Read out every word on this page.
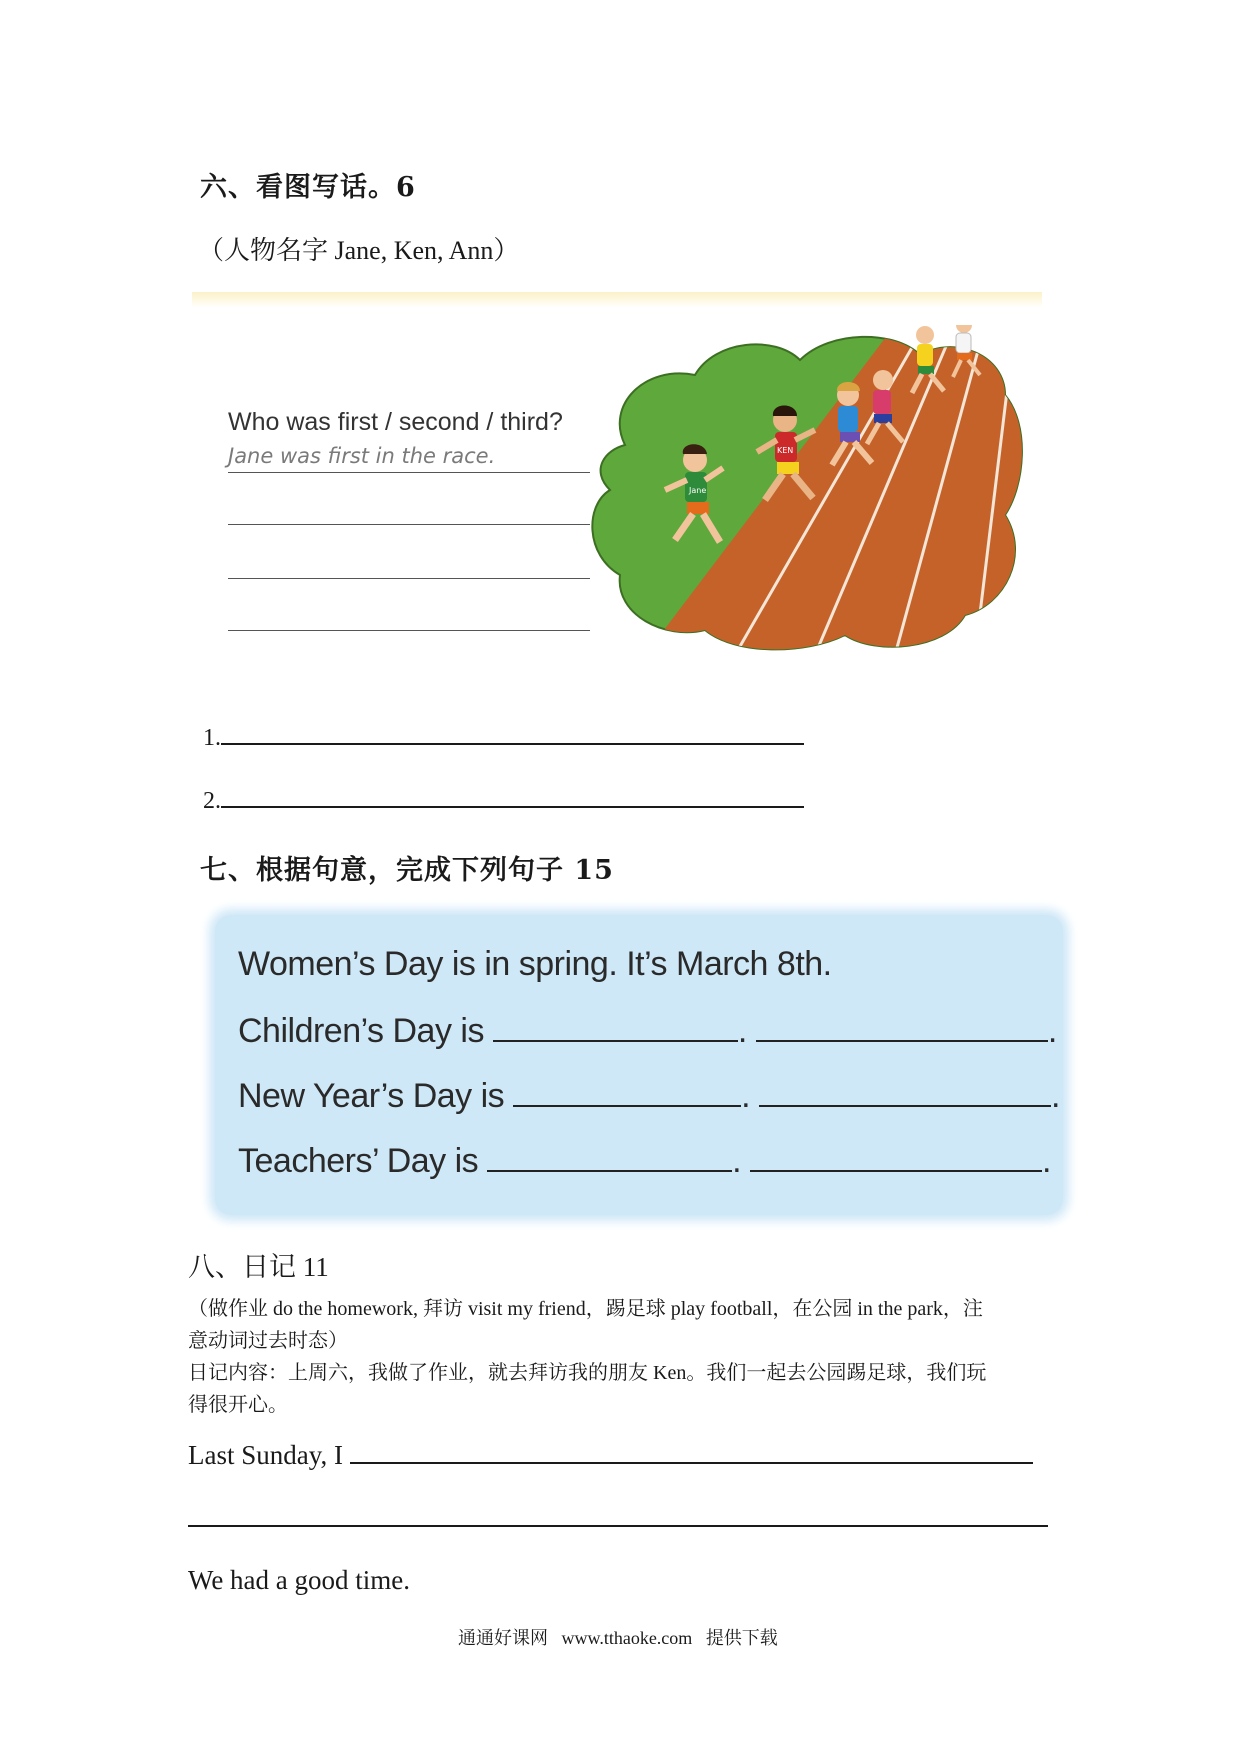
六、看图写话。6
（人物名字 Jane, Ken, Ann）
Who was first / second / third?
Jane was first in the race.
Jane
KEN
1.
2.
七、根据句意，完成下列句子 15
Women’s Day is in spring. It’s March 8th.
Children’s Day is	.	.
New Year’s Day is	.	.
Teachers’ Day is	.	.
八、日记 11
（做作业 do the homework, 拜访 visit my friend，踢足球 play football，在公园 in the park，注
意动词过去时态）
日记内容：上周六，我做了作业，就去拜访我的朋友 Ken。我们一起去公园踢足球，我们玩
得很开心。
Last Sunday, I
We had a good time.
通通好课网 www.tthaoke.com 提供下载
